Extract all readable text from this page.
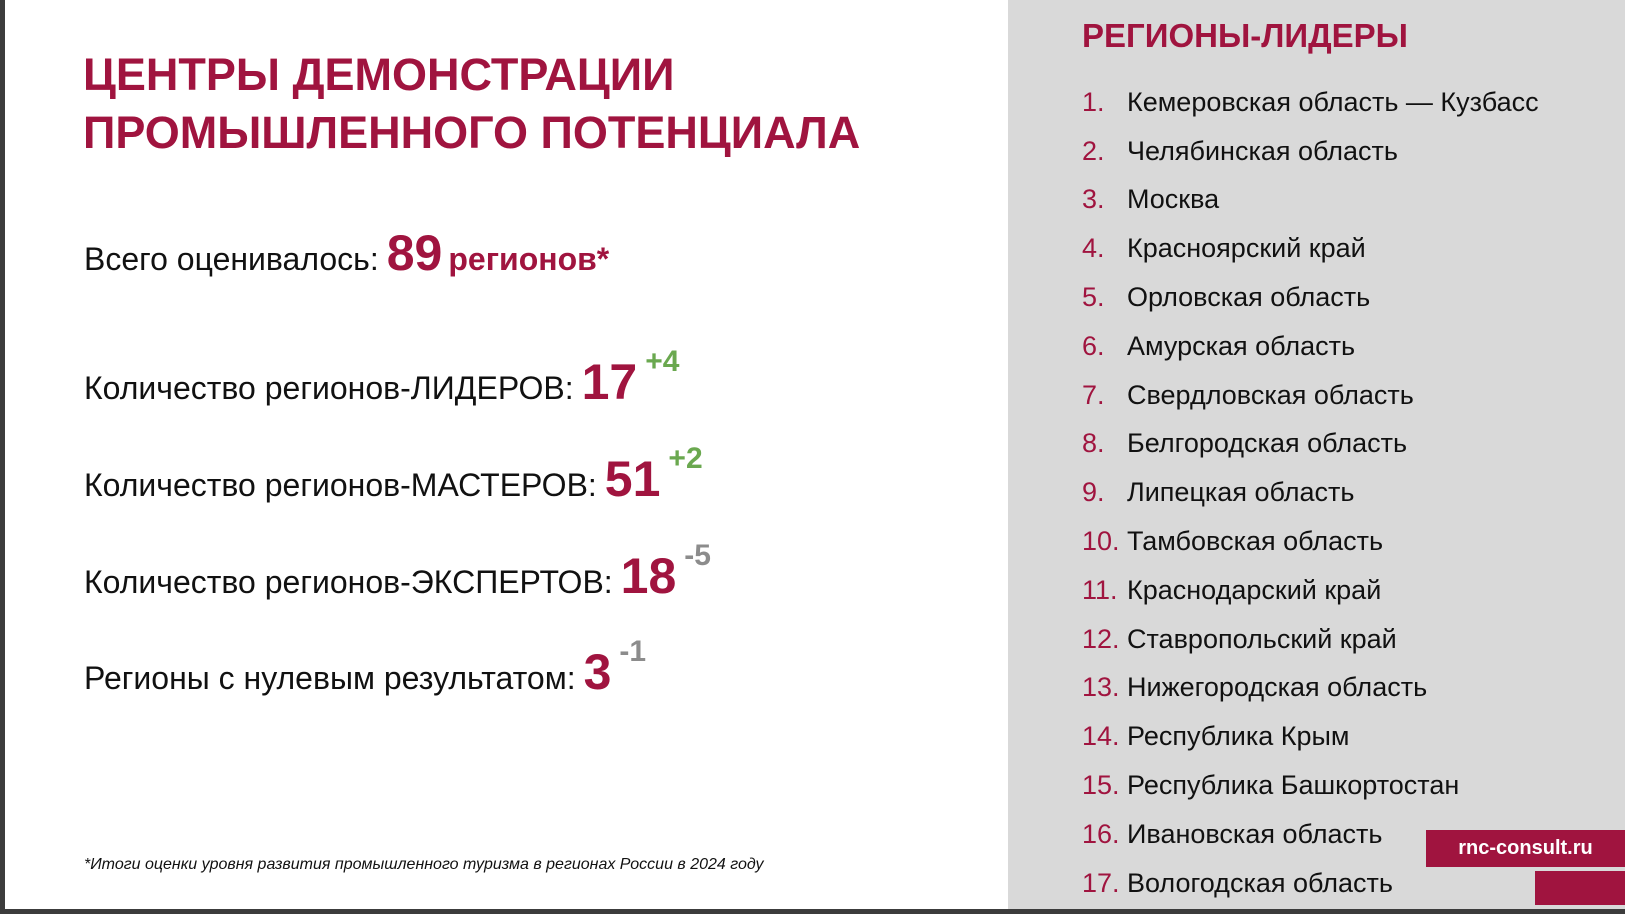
ЦЕНТРЫ ДЕМОНСТРАЦИИ
ПРОМЫШЛЕННОГО ПОТЕНЦИАЛА
Всего оценивалось: 89 регионов*
Количество регионов-ЛИДЕРОВ: 17 +4
Количество регионов-МАСТЕРОВ: 51 +2
Количество регионов-ЭКСПЕРТОВ: 18 -5
Регионы с нулевым результатом: 3 -1
*Итоги оценки уровня развития промышленного туризма в регионах России в 2024 году
РЕГИОНЫ-ЛИДЕРЫ
1. Кемеровская область — Кузбасс
2. Челябинская область
3. Москва
4. Красноярский край
5. Орловская область
6. Амурская область
7. Свердловская область
8. Белгородская область
9. Липецкая область
10. Тамбовская область
11. Краснодарский край
12. Ставропольский край
13. Нижегородская область
14. Республика Крым
15. Республика Башкортостан
16. Ивановская область
17. Вологодская область
rnc-consult.ru
